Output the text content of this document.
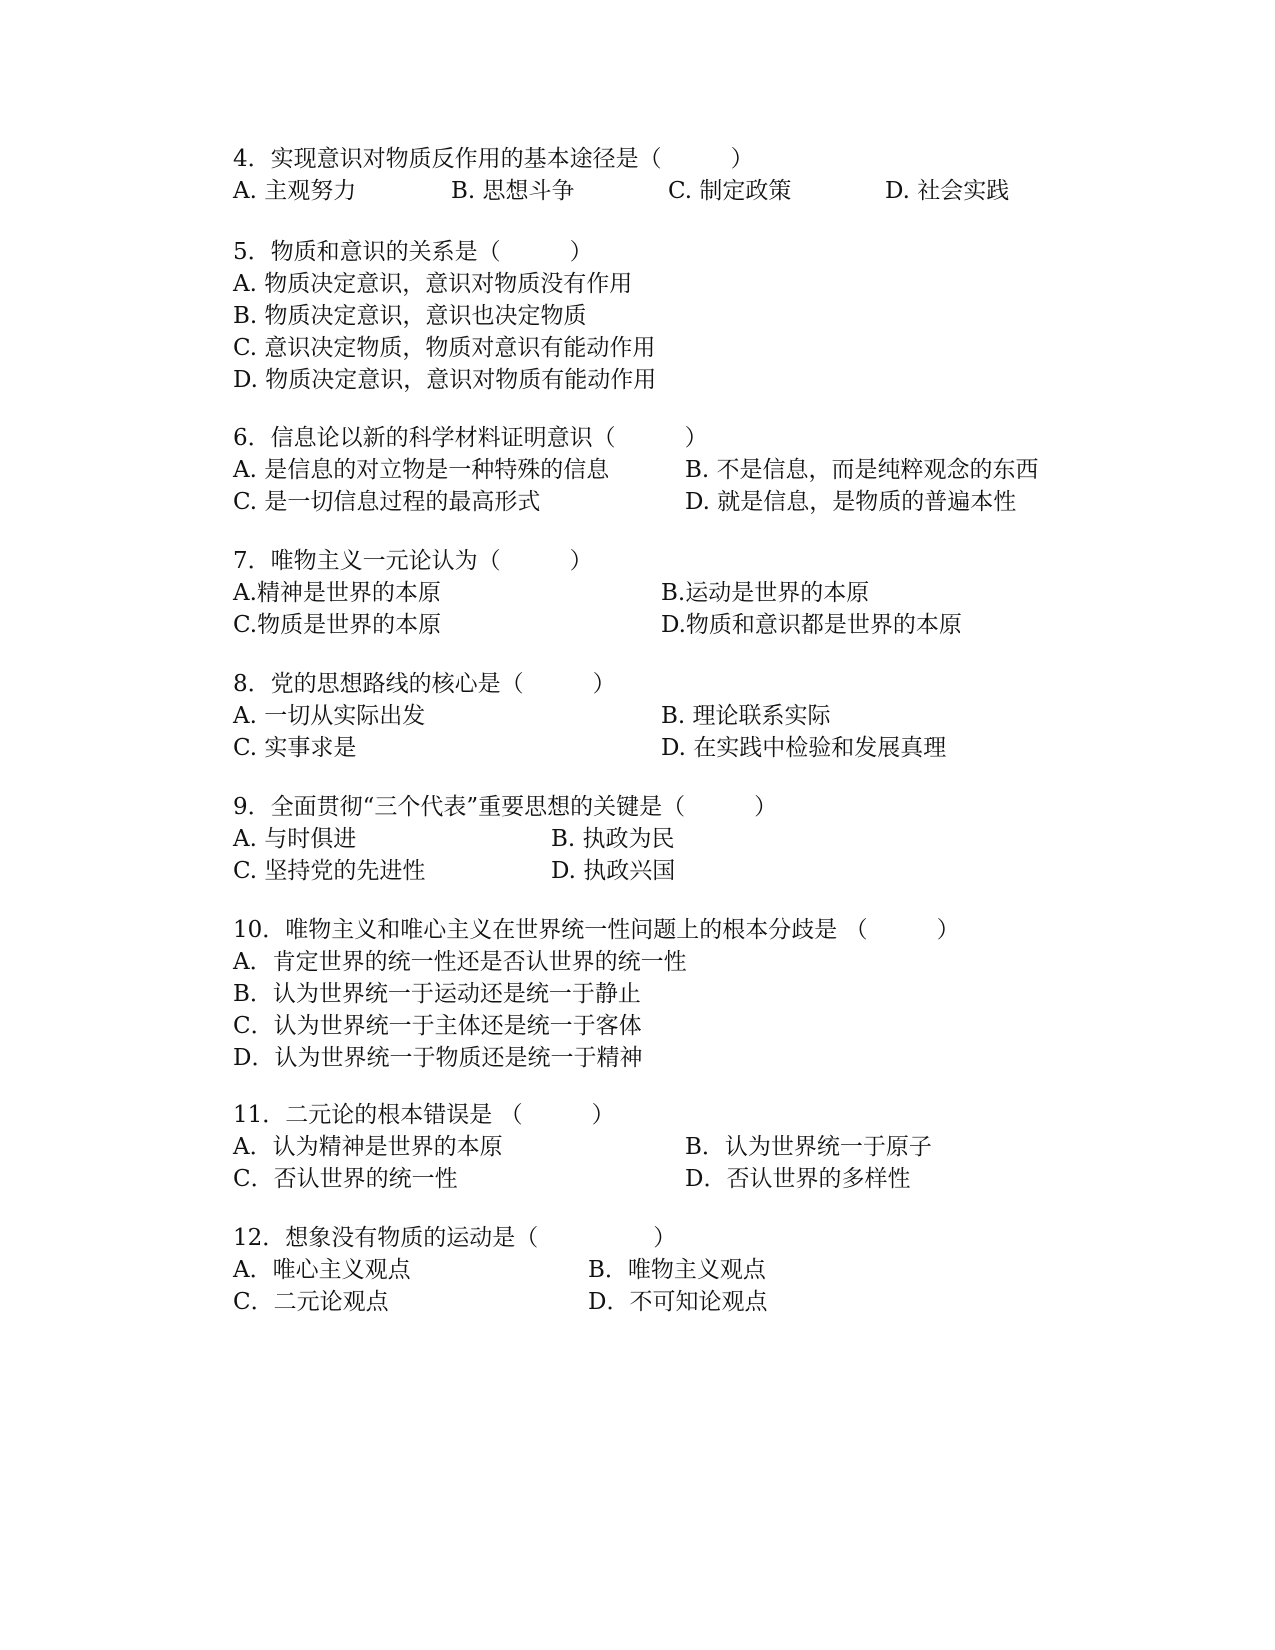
4．实现意识对物质反作用的基本途径是（　　　）
A. 主观努力	B. 思想斗争	C. 制定政策	D. 社会实践
5．物质和意识的关系是（　　　）
A. 物质决定意识，意识对物质没有作用
B. 物质决定意识，意识也决定物质
C. 意识决定物质，物质对意识有能动作用
D. 物质决定意识，意识对物质有能动作用
6．信息论以新的科学材料证明意识（　　　）
A. 是信息的对立物是一种特殊的信息	B. 不是信息，而是纯粹观念的东西
C. 是一切信息过程的最高形式	D. 就是信息，是物质的普遍本性
7．唯物主义一元论认为（　　　）
A.精神是世界的本原	B.运动是世界的本原
C.物质是世界的本原	D.物质和意识都是世界的本原
8．党的思想路线的核心是（　　　）
A. 一切从实际出发	B. 理论联系实际
C. 实事求是	D. 在实践中检验和发展真理
9．全面贯彻“三个代表”重要思想的关键是（　　　）
A. 与时俱进	B. 执政为民
C. 坚持党的先进性	D. 执政兴国
10．唯物主义和唯心主义在世界统一性问题上的根本分歧是 （　　　）
A．肯定世界的统一性还是否认世界的统一性
B．认为世界统一于运动还是统一于静止
C．认为世界统一于主体还是统一于客体
D．认为世界统一于物质还是统一于精神
11．二元论的根本错误是 （　　　）
A．认为精神是世界的本原	B．认为世界统一于原子
C．否认世界的统一性	D．否认世界的多样性
12．想象没有物质的运动是（　　　　　）
A．唯心主义观点	B．唯物主义观点
C．二元论观点	D．不可知论观点
